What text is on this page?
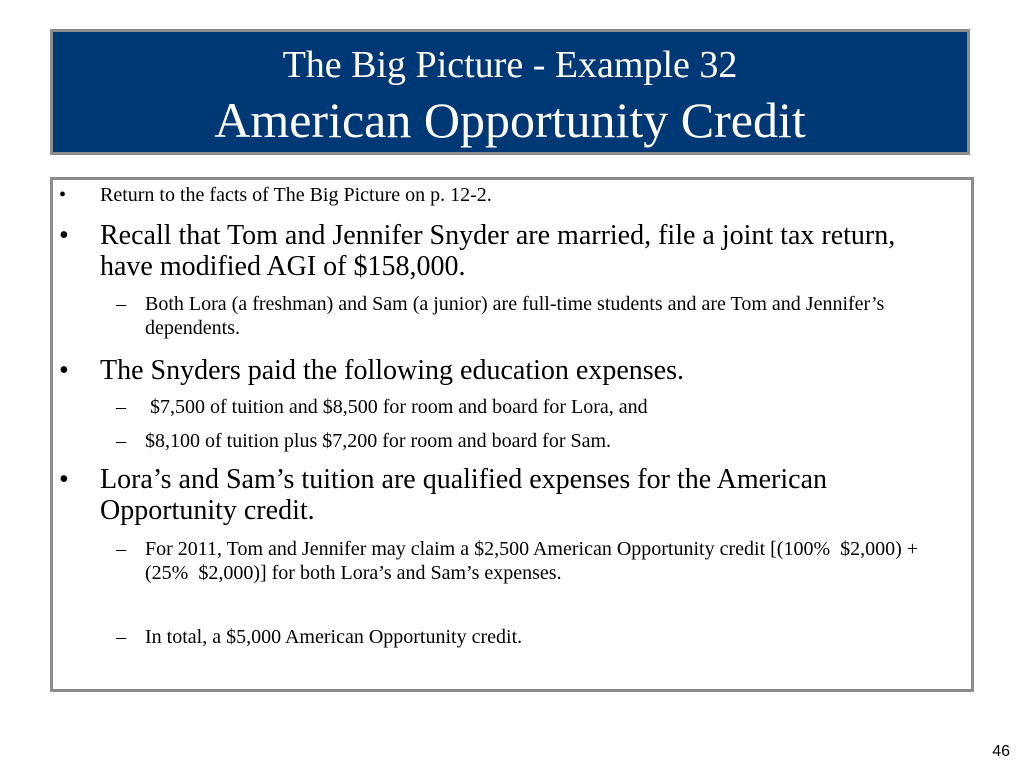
The Big Picture - Example 32
American Opportunity Credit
• Return to the facts of The Big Picture on p. 12-2.
• Recall that Tom and Jennifer Snyder are married, file a joint tax return, have modified AGI of $158,000.
– Both Lora (a freshman) and Sam (a junior) are full-time students and are Tom and Jennifer’s dependents.
• The Snyders paid the following education expenses.
– $7,500 of tuition and $8,500 for room and board for Lora, and
– $8,100 of tuition plus $7,200 for room and board for Sam.
• Lora’s and Sam’s tuition are qualified expenses for the American Opportunity credit.
– For 2011, Tom and Jennifer may claim a $2,500 American Opportunity credit [(100%  $2,000) + (25%  $2,000)] for both Lora’s and Sam’s expenses.
– In total, a $5,000 American Opportunity credit.
46
